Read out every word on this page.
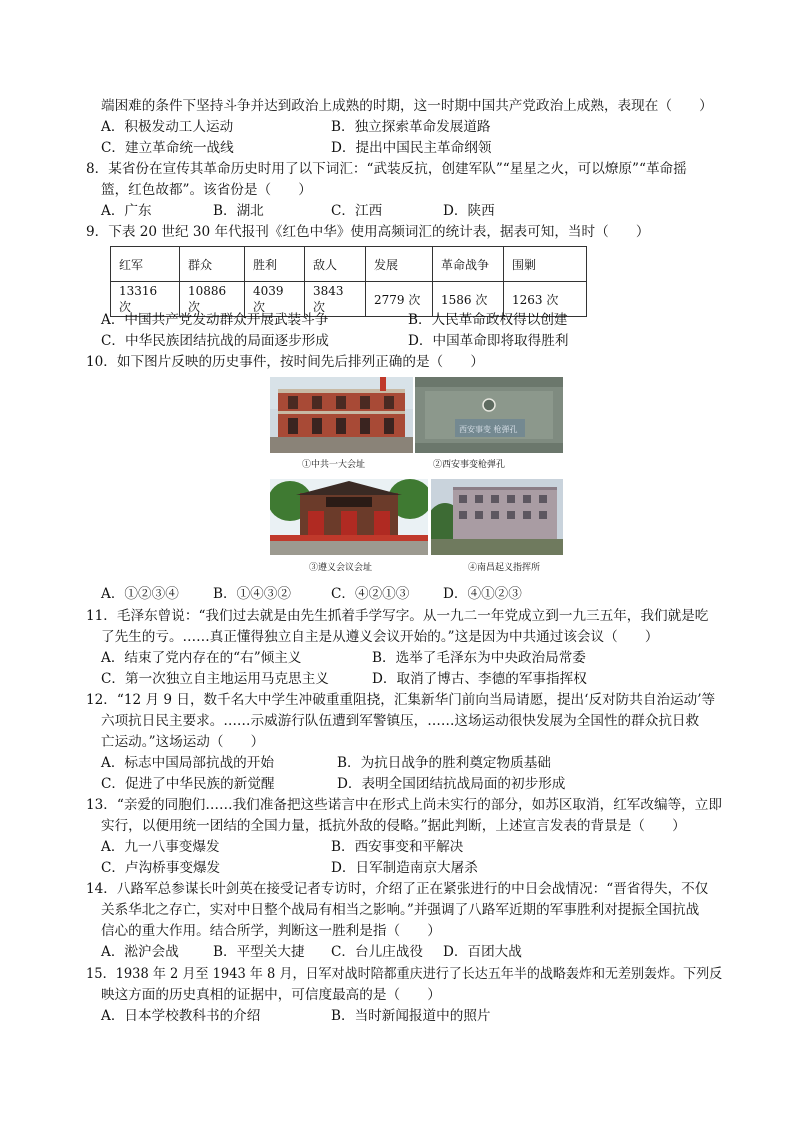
端困难的条件下坚持斗争并达到政治上成熟的时期，这一时期中国共产党政治上成熟，表现在（　　）
A．积极发动工人运动	B．独立探索革命发展道路
C．建立革命统一战线	D．提出中国民主革命纲领
8．某省份在宣传其革命历史时用了以下词汇：“武装反抗，创建军队”“星星之火，可以燎原”“革命摇
篮，红色故都”。该省份是（　　）
A．广东	B．湖北	C．江西	D．陕西
9．下表 20 世纪 30 年代报刊《红色中华》使用高频词汇的统计表，据表可知，当时（　　）
红军	群众	胜利	敌人	发展	革命战争	围剿
13316 次	10886 次	4039 次	3843 次	2779 次	1586 次	1263 次
A．中国共产党发动群众开展武装斗争	B．人民革命政权得以创建
C．中华民族团结抗战的局面逐步形成	D．中国革命即将取得胜利
10．如下图片反映的历史事件，按时间先后排列正确的是（　　）
西安事变 枪弹孔
①中共一大会址	②西安事变枪弹孔
③遵义会议会址	④南昌起义指挥所
A．①②③④	B．①④③②	C．④②①③ D．④①②③
11．毛泽东曾说：“我们过去就是由先生抓着手学写字。从一九二一年党成立到一九三五年，我们就是吃
了先生的亏。……真正懂得独立自主是从遵义会议开始的。”这是因为中共通过该会议（　　）
A．结束了党内存在的“右”倾主义	B．选举了毛泽东为中央政治局常委
C．第一次独立自主地运用马克思主义	D．取消了博古、李德的军事指挥权
12．“12 月 9 日，数千名大中学生冲破重重阻挠，汇集新华门前向当局请愿，提出‘反对防共自治运动’等
六项抗日民主要求。……示威游行队伍遭到军警镇压，……这场运动很快发展为全国性的群众抗日救
亡运动。”这场运动（　　）
A．标志中国局部抗战的开始	B．为抗日战争的胜利奠定物质基础
C．促进了中华民族的新觉醒	D．表明全国团结抗战局面的初步形成
13．“亲爱的同胞们……我们准备把这些诺言中在形式上尚未实行的部分，如苏区取消，红军改编等，立即
实行，以便用统一团结的全国力量，抵抗外敌的侵略。”据此判断，上述宣言发表的背景是（　　）
A．九一八事变爆发	B．西安事变和平解决
C．卢沟桥事变爆发	D．日军制造南京大屠杀
14．八路军总参谋长叶剑英在接受记者专访时，介绍了正在紧张进行的中日会战情况：“晋省得失，不仅
关系华北之存亡，实对中日整个战局有相当之影响。”并强调了八路军近期的军事胜利对提振全国抗战
信心的重大作用。结合所学，判断这一胜利是指（　　）
A．淞沪会战	B．平型关大捷 C．台儿庄战役 D．百团大战
15．1938 年 2 月至 1943 年 8 月，日军对战时陪都重庆进行了长达五年半的战略轰炸和无差别轰炸。下列反
映这方面的历史真相的证据中，可信度最高的是（　　）
A．日本学校教科书的介绍	B．当时新闻报道中的照片
